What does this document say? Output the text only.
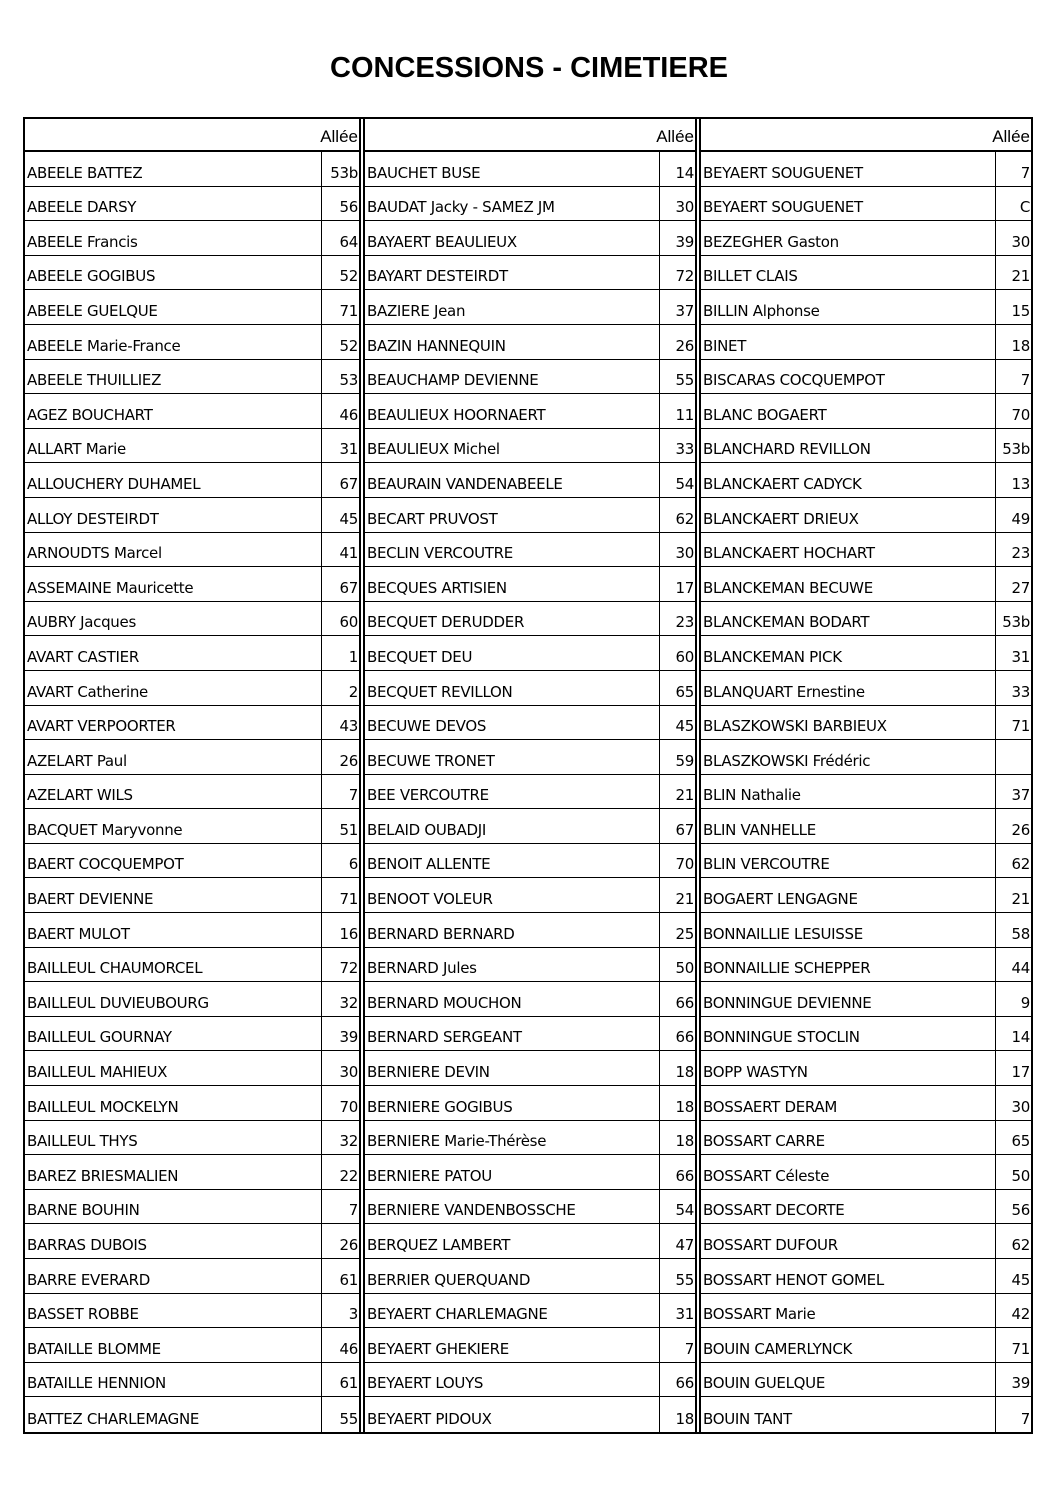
CONCESSIONS - CIMETIERE
Allée
ABEELE BATTEZ	53b
ABEELE DARSY	56
ABEELE Francis	64
ABEELE GOGIBUS	52
ABEELE GUELQUE	71
ABEELE Marie-France	52
ABEELE THUILLIEZ	53
AGEZ BOUCHART	46
ALLART Marie	31
ALLOUCHERY DUHAMEL	67
ALLOY DESTEIRDT	45
ARNOUDTS Marcel	41
ASSEMAINE Mauricette	67
AUBRY Jacques	60
AVART CASTIER	1
AVART Catherine	2
AVART VERPOORTER	43
AZELART Paul	26
AZELART WILS	7
BACQUET Maryvonne	51
BAERT COCQUEMPOT	6
BAERT DEVIENNE	71
BAERT MULOT	16
BAILLEUL CHAUMORCEL	72
BAILLEUL DUVIEUBOURG	32
BAILLEUL GOURNAY	39
BAILLEUL MAHIEUX	30
BAILLEUL MOCKELYN	70
BAILLEUL THYS	32
BAREZ BRIESMALIEN	22
BARNE BOUHIN	7
BARRAS DUBOIS	26
BARRE EVERARD	61
BASSET ROBBE	3
BATAILLE BLOMME	46
BATAILLE HENNION	61
BATTEZ CHARLEMAGNE	55
Allée
BAUCHET BUSE	14
BAUDAT Jacky - SAMEZ JM	30
BAYAERT BEAULIEUX	39
BAYART DESTEIRDT	72
BAZIERE Jean	37
BAZIN HANNEQUIN	26
BEAUCHAMP DEVIENNE	55
BEAULIEUX HOORNAERT	11
BEAULIEUX Michel	33
BEAURAIN VANDENABEELE	54
BECART PRUVOST	62
BECLIN VERCOUTRE	30
BECQUES ARTISIEN	17
BECQUET DERUDDER	23
BECQUET DEU	60
BECQUET REVILLON	65
BECUWE DEVOS	45
BECUWE TRONET	59
BEE VERCOUTRE	21
BELAID OUBADJI	67
BENOIT ALLENTE	70
BENOOT VOLEUR	21
BERNARD BERNARD	25
BERNARD Jules	50
BERNARD MOUCHON	66
BERNARD SERGEANT	66
BERNIERE DEVIN	18
BERNIERE GOGIBUS	18
BERNIERE Marie-Thérèse	18
BERNIERE PATOU	66
BERNIERE VANDENBOSSCHE	54
BERQUEZ LAMBERT	47
BERRIER QUERQUAND	55
BEYAERT CHARLEMAGNE	31
BEYAERT GHEKIERE	7
BEYAERT LOUYS	66
BEYAERT PIDOUX	18
Allée
BEYAERT SOUGUENET	7
BEYAERT SOUGUENET	C
BEZEGHER Gaston	30
BILLET CLAIS	21
BILLIN Alphonse	15
BINET	18
BISCARAS COCQUEMPOT	7
BLANC BOGAERT	70
BLANCHARD REVILLON	53b
BLANCKAERT CADYCK	13
BLANCKAERT DRIEUX	49
BLANCKAERT HOCHART	23
BLANCKEMAN BECUWE	27
BLANCKEMAN BODART	53b
BLANCKEMAN PICK	31
BLANQUART Ernestine	33
BLASZKOWSKI BARBIEUX	71
BLASZKOWSKI Frédéric
BLIN Nathalie	37
BLIN VANHELLE	26
BLIN VERCOUTRE	62
BOGAERT LENGAGNE	21
BONNAILLIE LESUISSE	58
BONNAILLIE SCHEPPER	44
BONNINGUE DEVIENNE	9
BONNINGUE STOCLIN	14
BOPP WASTYN	17
BOSSAERT DERAM	30
BOSSART CARRE	65
BOSSART Céleste	50
BOSSART DECORTE	56
BOSSART DUFOUR	62
BOSSART HENOT GOMEL	45
BOSSART Marie	42
BOUIN CAMERLYNCK	71
BOUIN GUELQUE	39
BOUIN TANT	7
